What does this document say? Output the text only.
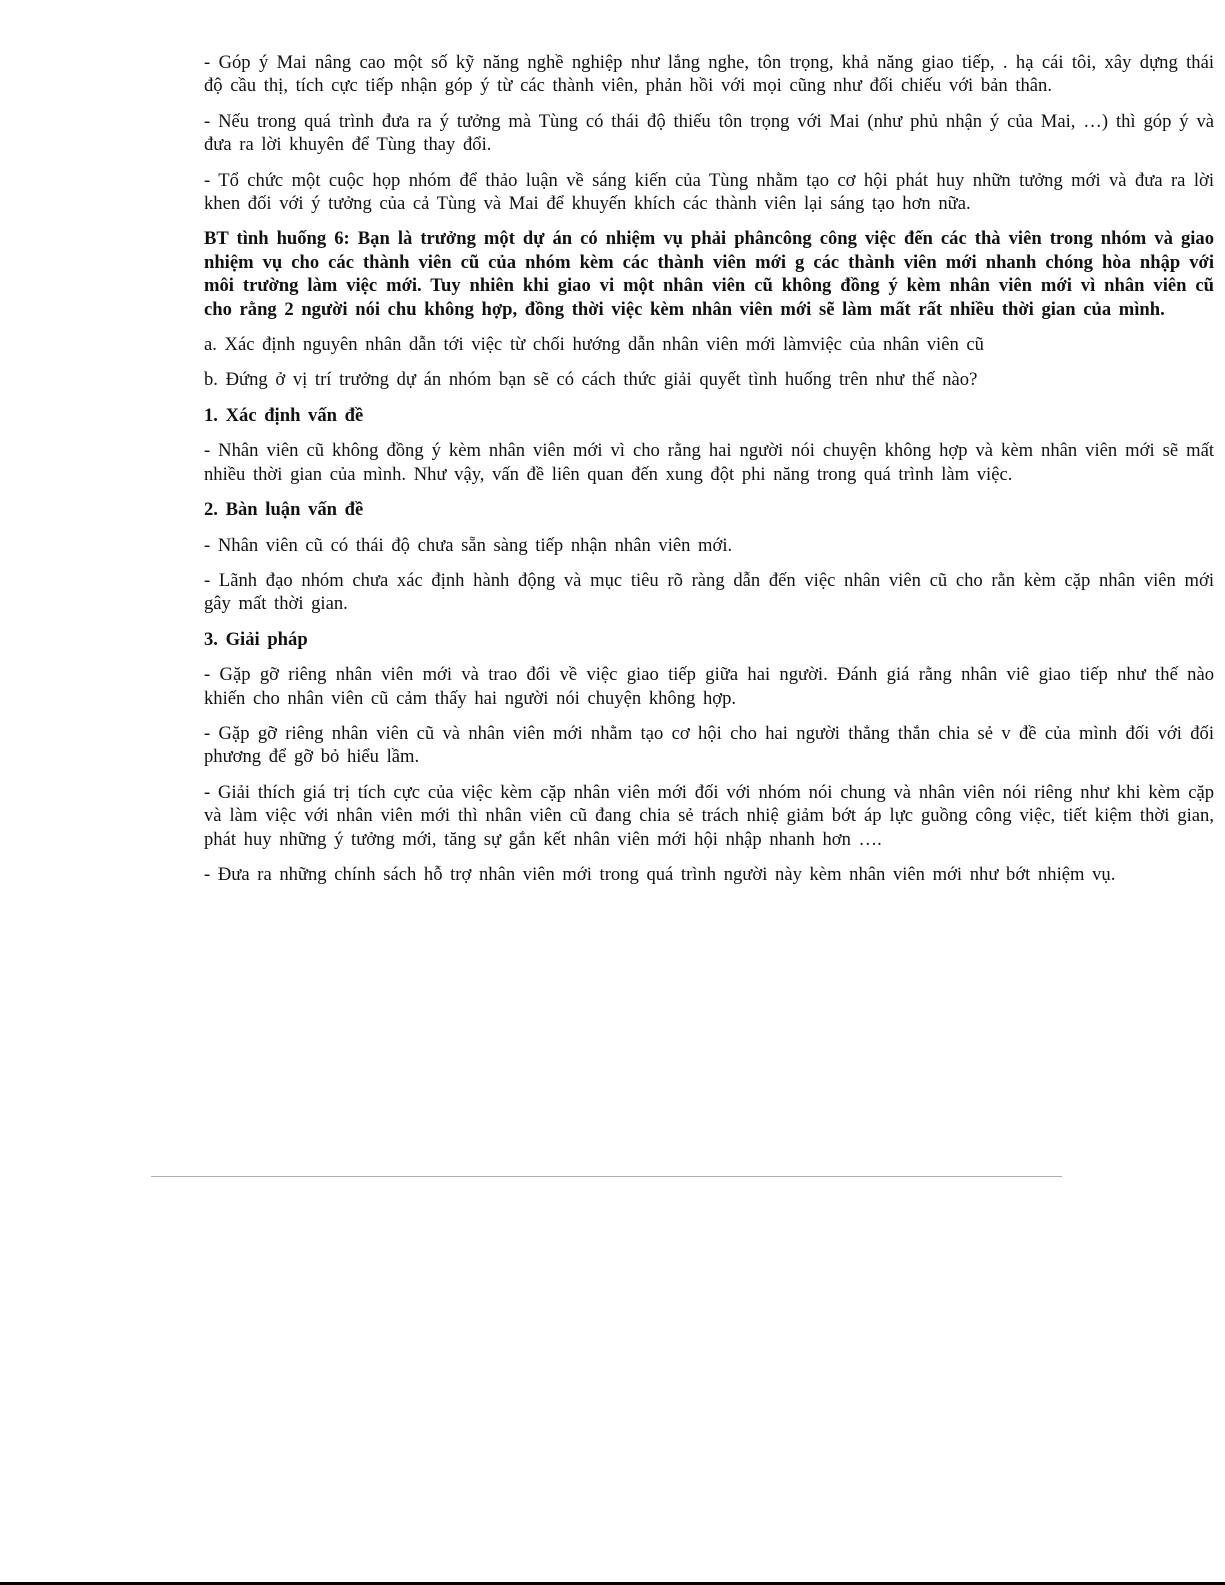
- Góp ý Mai nâng cao một số kỹ năng nghề nghiệp như lắng nghe, tôn trọng, khả năng giao tiếp, . hạ cái tôi, xây dựng thái độ cầu thị, tích cực tiếp nhận góp ý từ các thành viên, phản hồi với mọi cũng như đối chiếu với bản thân.

- Nếu trong quá trình đưa ra ý tưởng mà Tùng có thái độ thiếu tôn trọng với Mai (như phủ nhận ý của Mai, …) thì góp ý và đưa ra lời khuyên để Tùng thay đổi.

- Tổ chức một cuộc họp nhóm để thảo luận về sáng kiến của Tùng nhằm tạo cơ hội phát huy nhữn tưởng mới và đưa ra lời khen đối với ý tưởng của cả Tùng và Mai để khuyến khích các thành viên lại sáng tạo hơn nữa.

BT tình huống 6: Bạn là trưởng một dự án có nhiệm vụ phải phâncông công việc đến các thà viên trong nhóm và giao nhiệm vụ cho các thành viên cũ của nhóm kèm các thành viên mới g các thành viên mới nhanh chóng hòa nhập với môi trường làm việc mới. Tuy nhiên khi giao vi một nhân viên cũ không đồng ý kèm nhân viên mới vì nhân viên cũ cho rằng 2 người nói chu không hợp, đồng thời việc kèm nhân viên mới sẽ làm mất rất nhiều thời gian của mình.

a. Xác định nguyên nhân dẫn tới việc từ chối hướng dẫn nhân viên mới làmviệc của nhân viên cũ

b. Đứng ở vị trí trưởng dự án nhóm bạn sẽ có cách thức giải quyết tình huống trên như thế nào?

1. Xác định vấn đề

- Nhân viên cũ không đồng ý kèm nhân viên mới vì cho rằng hai người nói chuyện không hợp và kèm nhân viên mới sẽ mất nhiều thời gian của mình. Như vậy, vấn đề liên quan đến xung đột phi năng trong quá trình làm việc.

2. Bàn luận vấn đề

- Nhân viên cũ có thái độ chưa sẵn sàng tiếp nhận nhân viên mới.

- Lãnh đạo nhóm chưa xác định hành động và mục tiêu rõ ràng dẫn đến việc nhân viên cũ cho rằn kèm cặp nhân viên mới gây mất thời gian.

3. Giải pháp

- Gặp gỡ riêng nhân viên mới và trao đổi về việc giao tiếp giữa hai người. Đánh giá rằng nhân viê giao tiếp như thế nào khiến cho nhân viên cũ cảm thấy hai người nói chuyện không hợp.

- Gặp gỡ riêng nhân viên cũ và nhân viên mới nhằm tạo cơ hội cho hai người thẳng thắn chia sẻ v đề của mình đối với đối phương để gỡ bỏ hiểu lầm.

- Giải thích giá trị tích cực của việc kèm cặp nhân viên mới đối với nhóm nói chung và nhân viên nói riêng như khi kèm cặp và làm việc với nhân viên mới thì nhân viên cũ đang chia sẻ trách nhiệ giảm bớt áp lực guồng công việc, tiết kiệm thời gian, phát huy những ý tưởng mới, tăng sự gắn kết nhân viên mới hội nhập nhanh hơn ….

- Đưa ra những chính sách hỗ trợ nhân viên mới trong quá trình người này kèm nhân viên mới như bớt nhiệm vụ.
